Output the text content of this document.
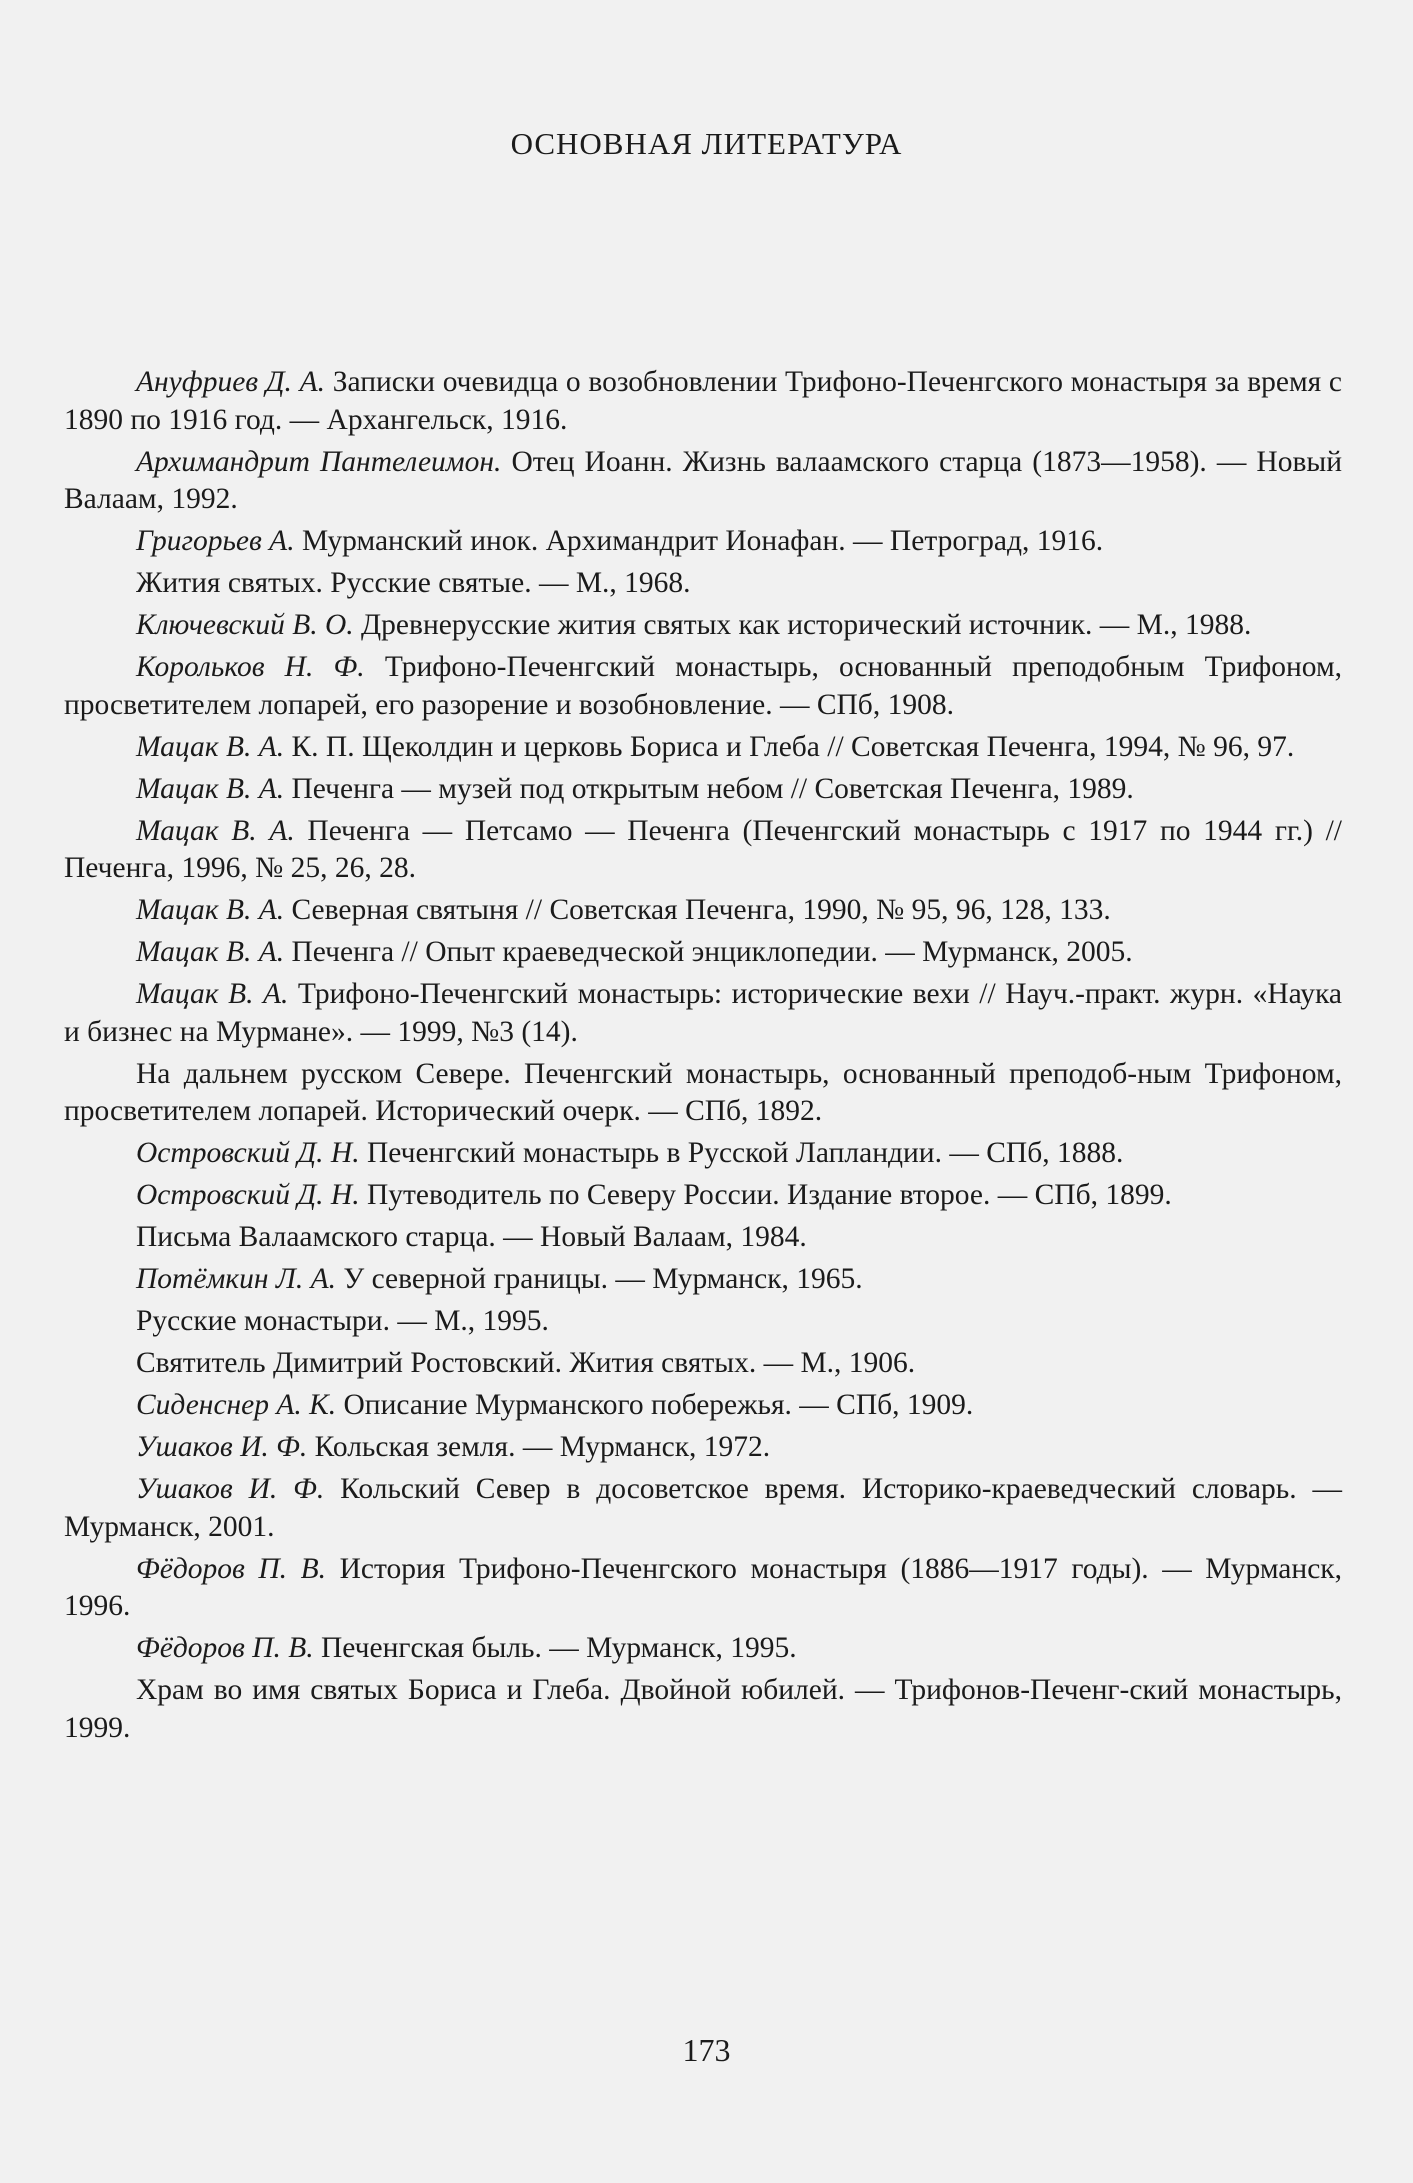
ОСНОВНАЯ ЛИТЕРАТУРА
Ануфриев Д. А. Записки очевидца о возобновлении Трифоно-Печенгского монастыря за время с 1890 по 1916 год. — Архангельск, 1916.
Архимандрит Пантелеимон. Отец Иоанн. Жизнь валаамского старца (1873—1958). — Новый Валаам, 1992.
Григорьев А. Мурманский инок. Архимандрит Ионафан. — Петроград, 1916.
Жития святых. Русские святые. — М., 1968.
Ключевский В. О. Древнерусские жития святых как исторический источник. — М., 1988.
Корольков Н. Ф. Трифоно-Печенгский монастырь, основанный преподобным Трифоном, просветителем лопарей, его разорение и возобновление. — СПб, 1908.
Мацак В. А. К. П. Щеколдин и церковь Бориса и Глеба // Советская Печенга, 1994, № 96, 97.
Мацак В. А. Печенга — музей под открытым небом // Советская Печенга, 1989.
Мацак В. А. Печенга — Петсамо — Печенга (Печенгский монастырь с 1917 по 1944 гг.) // Печенга, 1996, № 25, 26, 28.
Мацак В. А. Северная святыня // Советская Печенга, 1990, № 95, 96, 128, 133.
Мацак В. А. Печенга // Опыт краеведческой энциклопедии. — Мурманск, 2005.
Мацак В. А. Трифоно-Печенгский монастырь: исторические вехи // Науч.-практ. журн. «Наука и бизнес на Мурмане». — 1999, №3 (14).
На дальнем русском Севере. Печенгский монастырь, основанный преподоб-ным Трифоном, просветителем лопарей. Исторический очерк. — СПб, 1892.
Островский Д. Н. Печенгский монастырь в Русской Лапландии. — СПб, 1888.
Островский Д. Н. Путеводитель по Северу России. Издание второе. — СПб, 1899.
Письма Валаамского старца. — Новый Валаам, 1984.
Потёмкин Л. А. У северной границы. — Мурманск, 1965.
Русские монастыри. — М., 1995.
Святитель Димитрий Ростовский. Жития святых. — М., 1906.
Сиденснер А. К. Описание Мурманского побережья. — СПб, 1909.
Ушаков И. Ф. Кольская земля. — Мурманск, 1972.
Ушаков И. Ф. Кольский Север в досоветское время. Историко-краеведческий словарь. — Мурманск, 2001.
Фёдоров П. В. История Трифоно-Печенгского монастыря (1886—1917 годы). — Мурманск, 1996.
Фёдоров П. В. Печенгская быль. — Мурманск, 1995.
Храм во имя святых Бориса и Глеба. Двойной юбилей. — Трифонов-Печенг-ский монастырь, 1999.
173
